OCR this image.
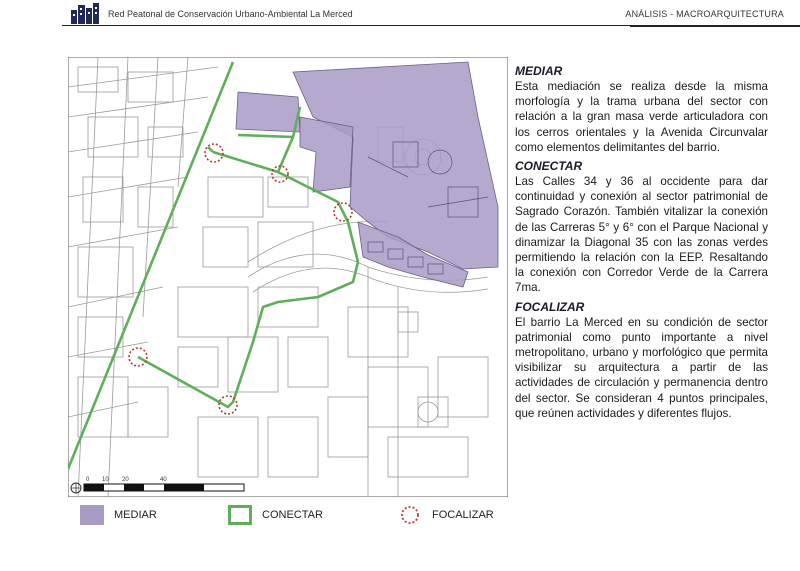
Red Peatonal de Conservación Urbano-Ambiental La Merced	ANÁLISIS - MACROARQUITECTURA
0 10 20	40
MEDIAR

Esta mediación se realiza desde la misma morfología y la trama urbana del sector con relación a la gran masa verde articuladora con los cerros orientales y la Avenida Circunvalar como elementos delimitantes del barrio.

CONECTAR

Las Calles 34 y 36 al occidente para dar continuidad y conexión al sector patrimonial de Sagrado Corazón. También vitalizar la conexión de las Carreras 5° y 6° con el Parque Nacional y dinamizar la Diagonal 35 con las zonas verdes permitiendo la relación con la EEP. Resaltando la conexión con Corredor Verde de la Carrera 7ma.

FOCALIZAR

El barrio La Merced en su condición de sector patrimonial como punto importante a nivel metropolitano, urbano y morfológico que permita visibilizar su arquitectura a partir de las actividades de circulación y permanencia dentro del sector. Se consideran 4 puntos principales, que reúnen actividades y diferentes flujos.

MEDIAR	CONECTAR	FOCALIZAR
